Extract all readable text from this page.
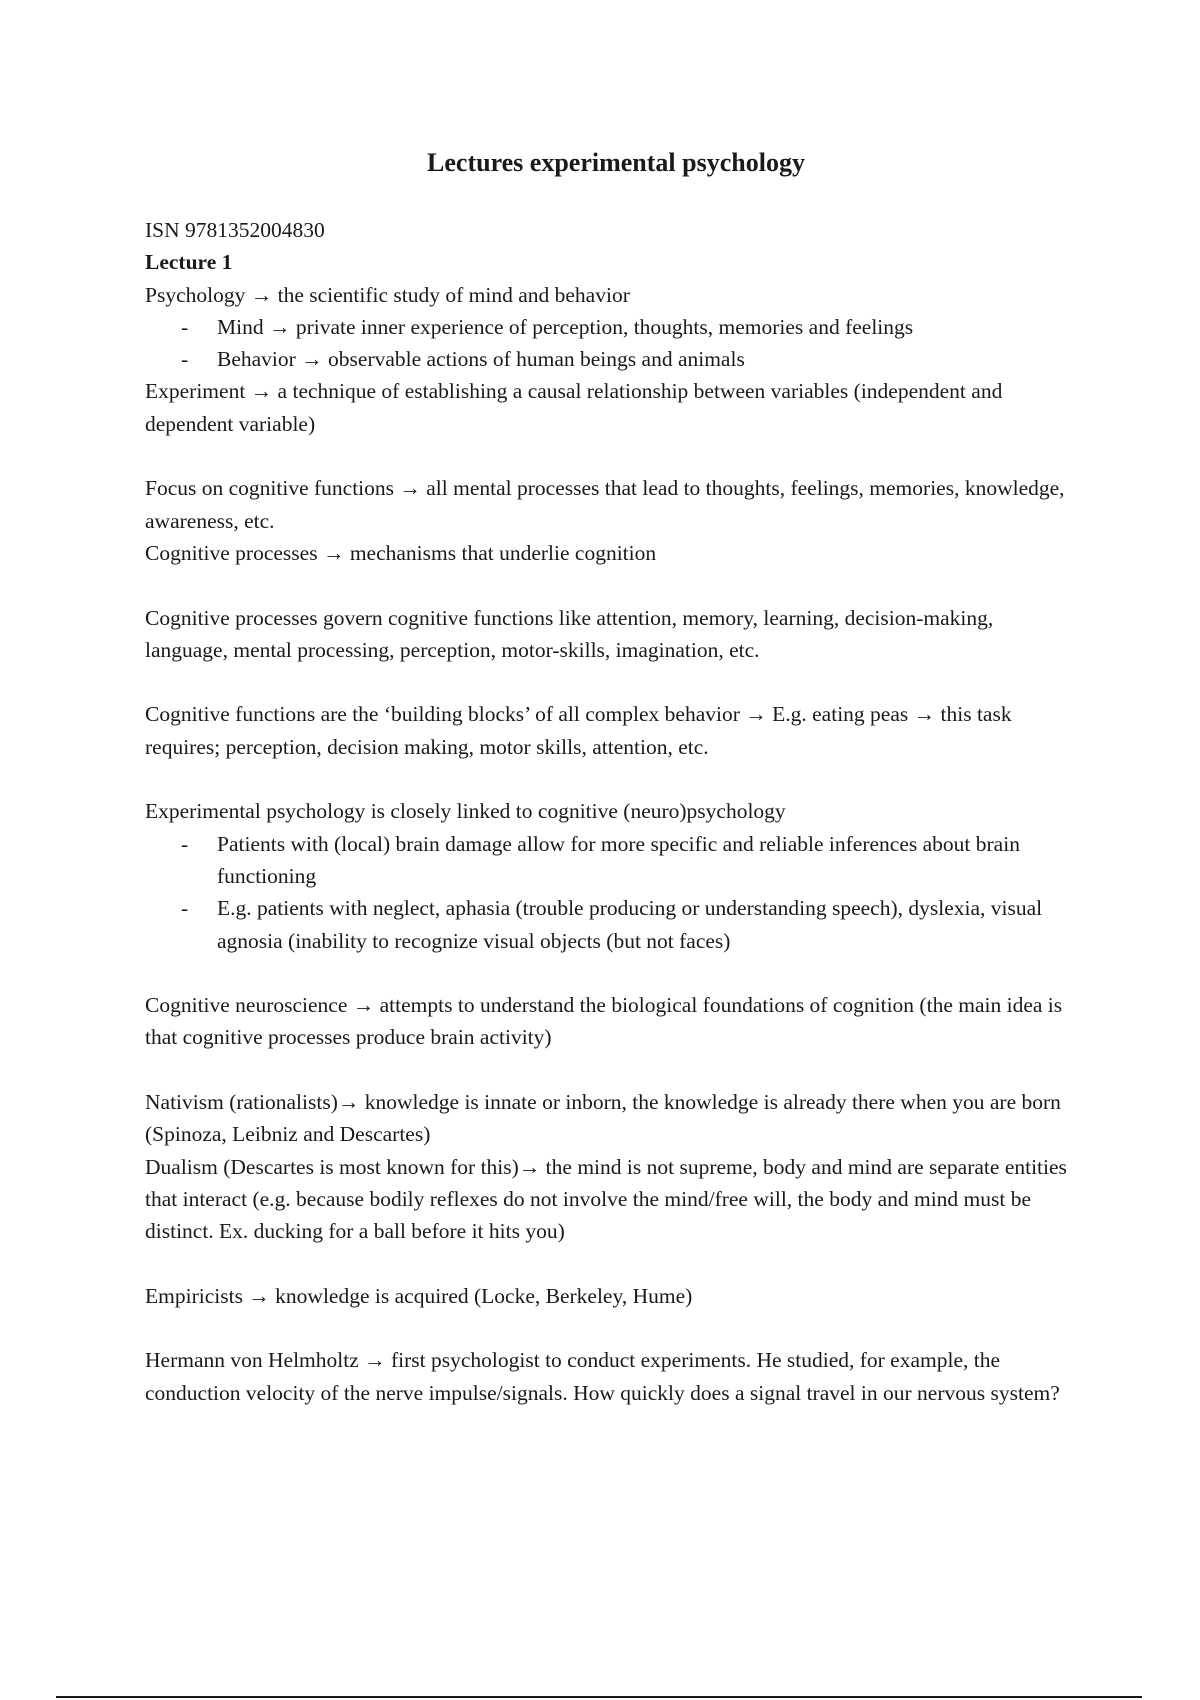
Lectures experimental psychology

ISN 9781352004830

Lecture 1

Psychology → the scientific study of mind and behavior

- Mind → private inner experience of perception, thoughts, memories and feelings
- Behavior → observable actions of human beings and animals

Experiment → a technique of establishing a causal relationship between variables (independent and dependent variable)

Focus on cognitive functions → all mental processes that lead to thoughts, feelings, memories, knowledge, awareness, etc.

Cognitive processes → mechanisms that underlie cognition

Cognitive processes govern cognitive functions like attention, memory, learning, decision-making, language, mental processing, perception, motor-skills, imagination, etc.

Cognitive functions are the ‘building blocks’ of all complex behavior → E.g. eating peas → this task requires; perception, decision making, motor skills, attention, etc.

Experimental psychology is closely linked to cognitive (neuro)psychology

- Patients with (local) brain damage allow for more specific and reliable inferences about brain functioning
- E.g. patients with neglect, aphasia (trouble producing or understanding speech), dyslexia, visual agnosia (inability to recognize visual objects (but not faces)

Cognitive neuroscience → attempts to understand the biological foundations of cognition (the main idea is that cognitive processes produce brain activity)

Nativism (rationalists)→ knowledge is innate or inborn, the knowledge is already there when you are born (Spinoza, Leibniz and Descartes)

Dualism (Descartes is most known for this)→ the mind is not supreme, body and mind are separate entities that interact (e.g. because bodily reflexes do not involve the mind/free will, the body and mind must be distinct. Ex. ducking for a ball before it hits you)

Empiricists → knowledge is acquired (Locke, Berkeley, Hume)

Hermann von Helmholtz → first psychologist to conduct experiments. He studied, for example, the conduction velocity of the nerve impulse/signals. How quickly does a signal travel in our nervous system?
